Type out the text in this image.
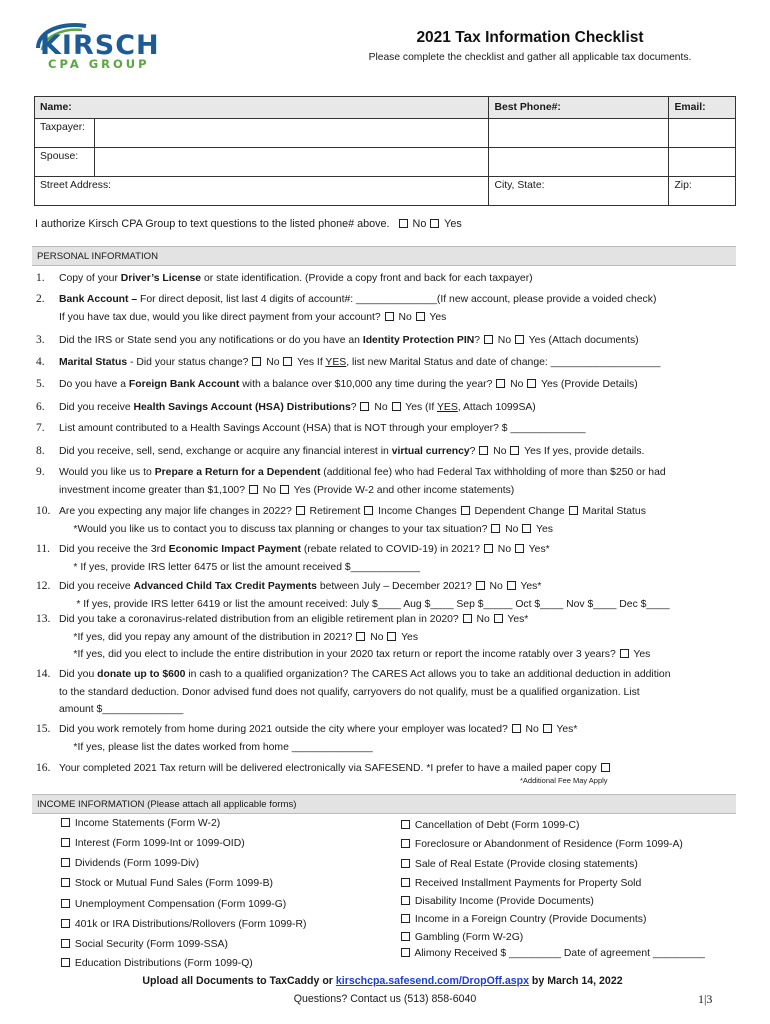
KIRSCH
CPA GROUP
2021 Tax Information Checklist
Please complete the checklist and gather all applicable tax documents.
Name:		Best Phone#:	Email:
Taxpayer:			
Spouse:			
Street Address:		City, State:	Zip:
I authorize Kirsch CPA Group to text questions to the listed phone# above. No Yes
PERSONAL INFORMATION
1.	Copy of your Driver’s License or state identification. (Provide a copy front and back for each taxpayer)
2.	Bank Account – For direct deposit, list last 4 digits of account#: ______________(If new account, please provide a voided check)
If you have tax due, would you like direct payment from your account?  No  Yes
3.	Did the IRS or State send you any notifications or do you have an Identity Protection PIN?  No  Yes (Attach documents)
4.	Marital Status - Did your status change?  No  Yes If YES, list new Marital Status and date of change: ___________________
5.	Do you have a Foreign Bank Account with a balance over $10,000 any time during the year?  No  Yes (Provide Details)
6.	Did you receive Health Savings Account (HSA) Distributions?  No  Yes (If YES, Attach 1099SA)
7.	List amount contributed to a Health Savings Account (HSA) that is NOT through your employer? $ _____________
8.	Did you receive, sell, send, exchange or acquire any financial interest in virtual currency?  No  Yes If yes, provide details.
9.	Would you like us to Prepare a Return for a Dependent (additional fee) who had Federal Tax withholding of more than $250 or had
investment income greater than $1,100?  No  Yes (Provide W-2 and other income statements)
10. Are you expecting any major life changes in 2022?  Retirement  Income Changes  Dependent Change  Marital Status
*Would you like us to contact you to discuss tax planning or changes to your tax situation?  No  Yes
11. Did you receive the 3rd Economic Impact Payment (rebate related to COVID-19) in 2021?  No  Yes*
* If yes, provide IRS letter 6475 or list the amount received $____________
12. Did you receive Advanced Child Tax Credit Payments between July – December 2021?  No  Yes*
* If yes, provide IRS letter 6419 or list the amount received: July $____ Aug $____ Sep $_____ Oct $____ Nov $____ Dec $____
13. Did you take a coronavirus-related distribution from an eligible retirement plan in 2020?  No  Yes*
*If yes, did you repay any amount of the distribution in 2021?  No  Yes
*If yes, did you elect to include the entire distribution in your 2020 tax return or report the income ratably over 3 years?  Yes
14. Did you donate up to $600 in cash to a qualified organization? The CARES Act allows you to take an additional deduction in addition
to the standard deduction. Donor advised fund does not qualify, carryovers do not qualify, must be a qualified organization. List
amount $______________
15. Did you work remotely from home during 2021 outside the city where your employer was located?  No  Yes*
*If yes, please list the dates worked from home ______________
16. Your completed 2021 Tax return will be delivered electronically via SAFESEND. *I prefer to have a mailed paper copy
*Additional Fee May Apply
INCOME INFORMATION (Please attach all applicable forms)
Income Statements (Form W-2)
Interest (Form 1099-Int or 1099-OID)
Dividends (Form 1099-Div)
Stock or Mutual Fund Sales (Form 1099-B)
Unemployment Compensation (Form 1099-G)
401k or IRA Distributions/Rollovers (Form 1099-R)
Social Security (Form 1099-SSA)
Education Distributions (Form 1099-Q)
Cancellation of Debt (Form 1099-C)
Foreclosure or Abandonment of Residence (Form 1099-A)
Sale of Real Estate (Provide closing statements)
Received Installment Payments for Property Sold
Disability Income (Provide Documents)
Income in a Foreign Country (Provide Documents)
Gambling (Form W-2G)
Alimony Received $ _________ Date of agreement _________
Upload all Documents to TaxCaddy or kirschcpa.safesend.com/DropOff.aspx by March 14, 2022
Questions? Contact us (513) 858-6040	1|3
